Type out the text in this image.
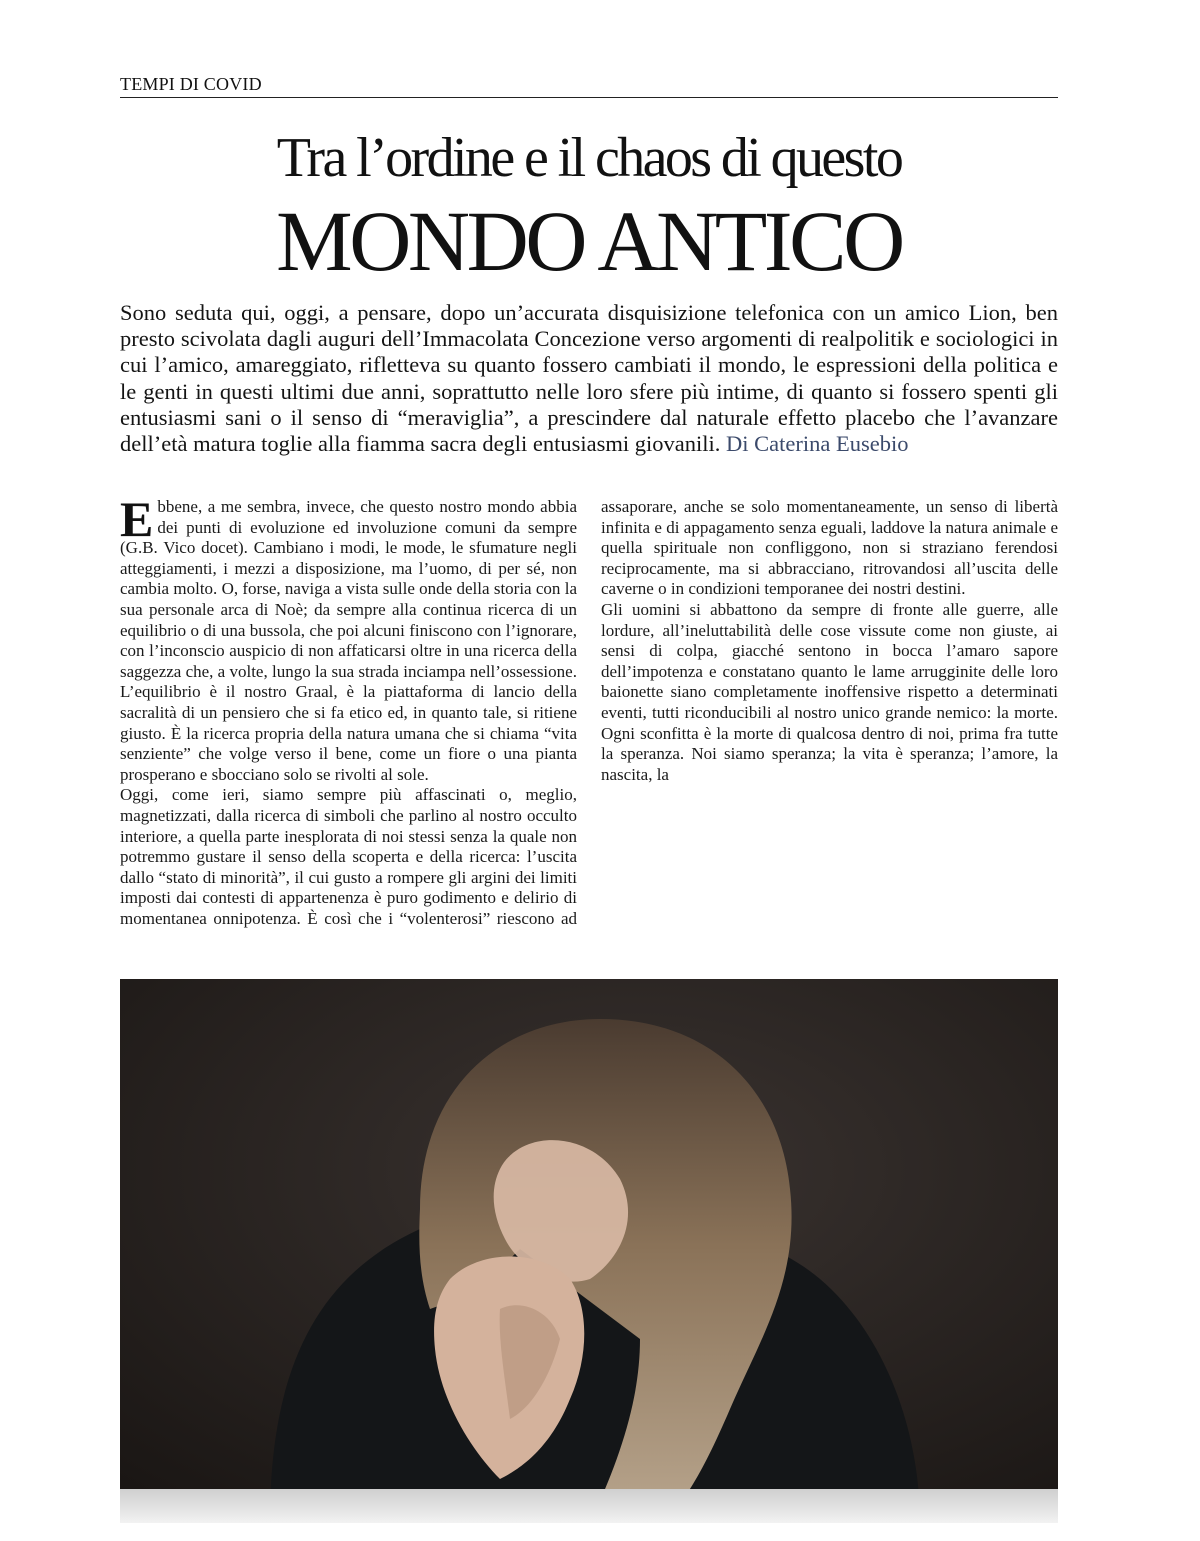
TEMPI DI COVID
Tra l’ordine e il chaos di questo
MONDO ANTICO

Sono seduta qui, oggi, a pensare, dopo un’accurata disquisizione telefonica con un amico Lion, ben presto scivolata dagli auguri dell’Immacolata Concezione verso argomenti di realpolitik e sociologici in cui l’amico, amareggiato, rifletteva su quanto fossero cambiati il mondo, le espressioni della politica e le genti in questi ultimi due anni, soprattutto nelle loro sfere più intime, di quanto si fossero spenti gli entusiasmi sani o il senso di “meraviglia”, a prescindere dal naturale effetto placebo che l’avanzare dell’età matura toglie alla fiamma sacra degli entusiasmi giovanili. Di Caterina Eusebio

Ebbene, a me sembra, invece, che questo nostro mondo abbia dei punti di evoluzione ed involuzione comuni da sempre (G.B. Vico docet). Cambiano i modi, le mode, le sfumature negli atteggiamenti, i mezzi a disposizione, ma l’uomo, di per sé, non cambia molto. O, forse, naviga a vista sulle onde della storia con la sua personale arca di Noè; da sempre alla continua ricerca di un equilibrio o di una bussola, che poi alcuni finiscono con l’ignorare, con l’inconscio auspicio di non affaticarsi oltre in una ricerca della saggezza che, a volte, lungo la sua strada inciampa nell’ossessione.

L’equilibrio è il nostro Graal, è la piattaforma di lancio della sacralità di un pensiero che si fa etico ed, in quanto tale, si ritiene giusto. È la ricerca propria della natura umana che si chiama “vita senziente” che volge verso il bene, come un fiore o una pianta prosperano e sbocciano solo se rivolti al sole.

Oggi, come ieri, siamo sempre più affascinati o, meglio, magnetizzati, dalla ricerca di simboli che parlino al nostro occulto interiore, a quella parte inesplorata di noi stessi senza la quale non potremmo gustare il senso della scoperta e della ricerca: l’uscita dallo “stato di minorità”, il cui gusto a rompere gli argini dei limiti imposti dai contesti di appartenenza è puro godimento e delirio di momentanea onnipotenza. È così che i “volenterosi” riescono ad assaporare, anche se solo momentaneamente, un senso di libertà infinita e di appagamento senza eguali, laddove la natura animale e quella spirituale non confliggono, non si straziano ferendosi reciprocamente, ma si abbracciano, ritrovandosi all’uscita delle caverne o in condizioni temporanee dei nostri destini.

Gli uomini si abbattono da sempre di fronte alle guerre, alle lordure, all’ineluttabilità delle cose vissute come non giuste, ai sensi di colpa, giacché sentono in bocca l’amaro sapore dell’impotenza e constatano quanto le lame arrugginite delle loro baionette siano completamente inoffensive rispetto a determinati eventi, tutti riconducibili al nostro unico grande nemico: la morte. Ogni sconfitta è la morte di qualcosa dentro di noi, prima fra tutte la speranza. Noi siamo speranza; la vita è speranza; l’amore, la nascita, la
